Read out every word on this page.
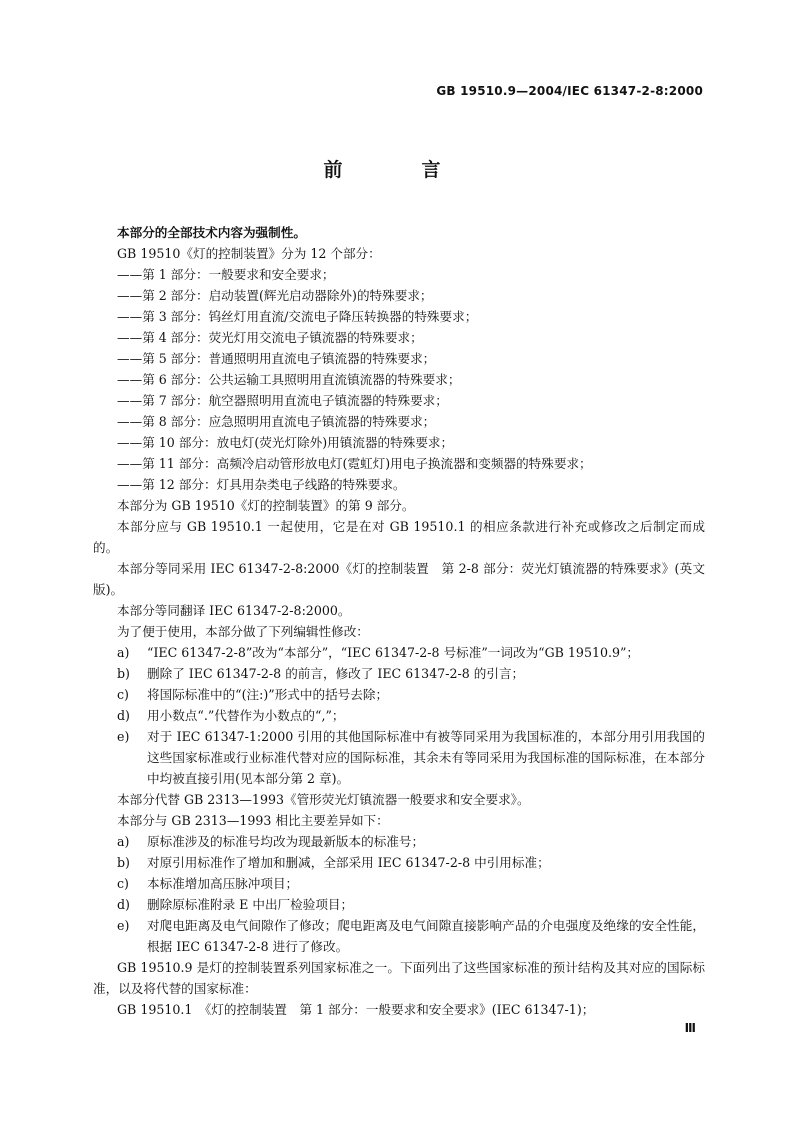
GB 19510.9—2004/IEC 61347-2-8:2000
前　言
本部分的全部技术内容为强制性。
GB 19510《灯的控制装置》分为 12 个部分：
——第 1 部分：一般要求和安全要求；
——第 2 部分：启动装置(辉光启动器除外)的特殊要求；
——第 3 部分：钨丝灯用直流/交流电子降压转换器的特殊要求；
——第 4 部分：荧光灯用交流电子镇流器的特殊要求；
——第 5 部分：普通照明用直流电子镇流器的特殊要求；
——第 6 部分：公共运输工具照明用直流镇流器的特殊要求；
——第 7 部分：航空器照明用直流电子镇流器的特殊要求；
——第 8 部分：应急照明用直流电子镇流器的特殊要求；
——第 10 部分：放电灯(荧光灯除外)用镇流器的特殊要求；
——第 11 部分：高频冷启动管形放电灯(霓虹灯)用电子换流器和变频器的特殊要求；
——第 12 部分：灯具用杂类电子线路的特殊要求。
本部分为 GB 19510《灯的控制装置》的第 9 部分。
本部分应与 GB 19510.1 一起使用，它是在对 GB 19510.1 的相应条款进行补充或修改之后制定而成的。
本部分等同采用 IEC 61347-2-8:2000《灯的控制装置　第 2-8 部分：荧光灯镇流器的特殊要求》(英文版)。
本部分等同翻译 IEC 61347-2-8:2000。
为了便于使用，本部分做了下列编辑性修改：
a)	“IEC 61347-2-8”改为“本部分”，“IEC 61347-2-8 号标准”一词改为“GB 19510.9”；
b)	删除了 IEC 61347-2-8 的前言，修改了 IEC 61347-2-8 的引言；
c)	将国际标准中的“(注:)”形式中的括号去除；
d)	用小数点“.”代替作为小数点的“,”；
e)	对于 IEC 61347-1:2000 引用的其他国际标准中有被等同采用为我国标准的，本部分用引用我国的这些国家标准或行业标准代替对应的国际标准，其余未有等同采用为我国标准的国际标准，在本部分中均被直接引用(见本部分第 2 章)。
本部分代替 GB 2313—1993《管形荧光灯镇流器一般要求和安全要求》。
本部分与 GB 2313—1993 相比主要差异如下：
a)	原标准涉及的标准号均改为现最新版本的标准号；
b)	对原引用标准作了增加和删减，全部采用 IEC 61347-2-8 中引用标准；
c)	本标准增加高压脉冲项目；
d)	删除原标准附录 E 中出厂检验项目；
e)	对爬电距离及电气间隙作了修改；爬电距离及电气间隙直接影响产品的介电强度及绝缘的安全性能，根据 IEC 61347-2-8 进行了修改。
GB 19510.9 是灯的控制装置系列国家标准之一。下面列出了这些国家标准的预计结构及其对应的国际标准，以及将代替的国家标准：
GB 19510.1　《灯的控制装置　第 1 部分：一般要求和安全要求》(IEC 61347-1)；
Ⅲ
